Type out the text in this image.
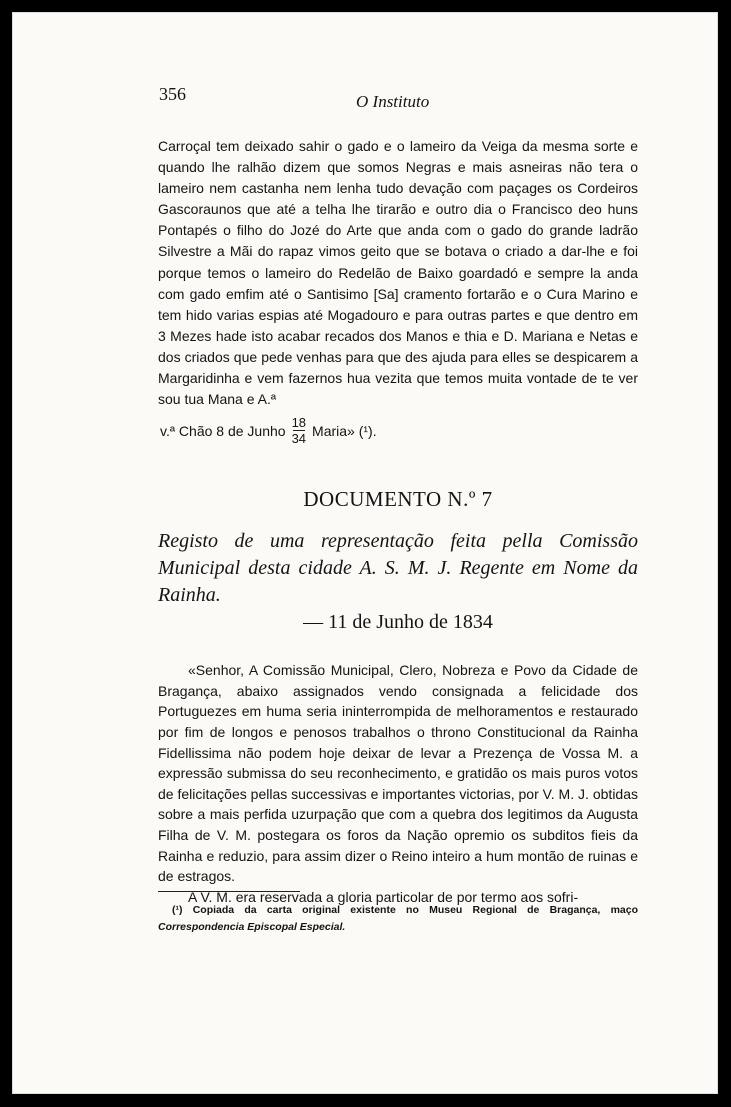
356	O Instituto

Carroçal tem deixado sahir o gado e o lameiro da Veiga da mesma sorte e quando lhe ralhão dizem que somos Negras e mais asneiras não tera o lameiro nem castanha nem lenha tudo devação com paçages os Cordeiros Gascoraunos que até a telha lhe tirarão e outro dia o Francisco deo huns Pontapés o filho do Jozé do Arte que anda com o gado do grande ladrão Silvestre a Mãi do rapaz vimos geito que se botava o criado a dar-lhe e foi porque temos o lameiro do Redelão de Baixo goardadó e sempre la anda com gado emfim até o Santisimo [Sa] cramento fortarão e o Cura Marino e tem hido varias espias até Mogadouro e para outras partes e que dentro em 3 Mezes hade isto acabar recados dos Manos e thia e D. Mariana e Netas e dos criados que pede venhas para que des ajuda para elles se despicarem a Margaridinha e vem fazernos hua vezita que temos muita vontade de te ver sou tua Mana e A.ª

v.ª Chão 8 de Junho $\frac{18}{34}$ Maria» (¹).
DOCUMENTO N.º 7
Registo de uma representação feita pella Comissão Municipal desta cidade A. S. M. J. Regente em Nome da Rainha.
— 11 de Junho de 1834

«Senhor, A Comissão Municipal, Clero, Nobreza e Povo da Cidade de Bragança, abaixo assignados vendo consignada a felicidade dos Portuguezes em huma seria ininterrompida de melhoramentos e restaurado por fim de longos e penosos trabalhos o throno Constitucional da Rainha Fidellissima não podem hoje deixar de levar a Prezença de Vossa M. a expressão submissa do seu reconhecimento, e gratidão os mais puros votos de felicitações pellas successivas e importantes victorias, por V. M. J. obtidas sobre a mais perfida uzurpação que com a quebra dos legitimos da Augusta Filha de V. M. postegara os foros da Nação opremio os subditos fieis da Rainha e reduzio, para assim dizer o Reino inteiro a hum montão de ruinas e de estragos.

A V. M. era reservada a gloria particolar de por termo aos sofri-

(¹) Copiada da carta original existente no Museu Regional de Bragança, maço Correspondencia Episcopal Especial.
